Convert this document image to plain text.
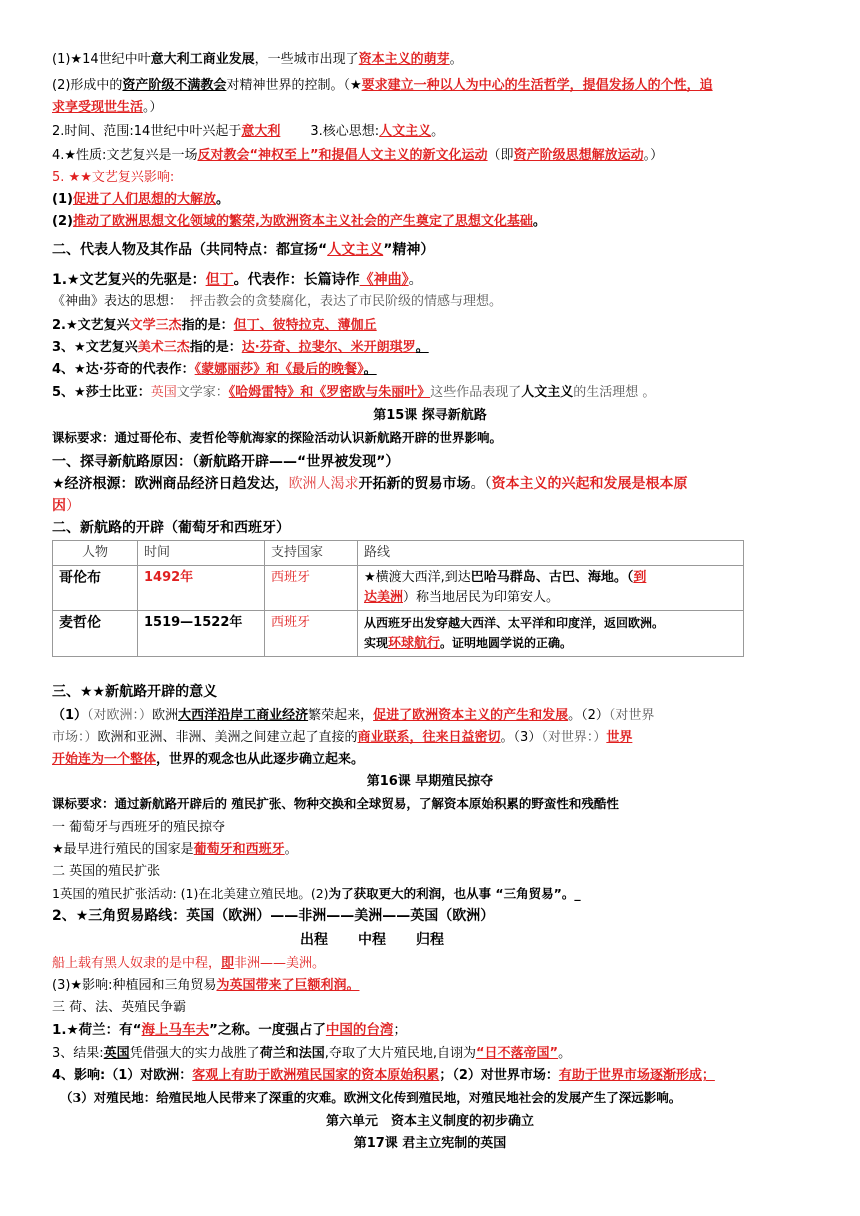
(1)★14世纪中叶意大利工商业发展，一些城市出现了资本主义的萌芽。
(2)形成中的资产阶级不满教会对精神世界的控制。（★要求建立一种以人为中心的生活哲学，提倡发扬人的个性，追
求享受现世生活。）
2.时间、范围:14世纪中叶兴起于意大利 3.核心思想:人文主义。
4.★性质:文艺复兴是一场反对教会“神权至上”和提倡人文主义的新文化运动（即资产阶级思想解放运动。）
5. ★★文艺复兴影响:
(1)促进了人们思想的大解放。
(2)推动了欧洲思想文化领域的繁荣,为欧洲资本主义社会的产生奠定了思想文化基础。
二、代表人物及其作品（共同特点：都宣扬“人文主义”精神）
1.★文艺复兴的先驱是：但丁。代表作：长篇诗作《神曲》。
《神曲》表达的思想： 抨击教会的贪婪腐化，表达了市民阶级的情感与理想。
2.★文艺复兴文学三杰指的是：但丁、彼特拉克、薄伽丘
3、★文艺复兴美术三杰指的是：达·芬奇、拉斐尔、米开朗琪罗。
4、★达·芬奇的代表作：《蒙娜丽莎》和《最后的晚餐》。
5、★莎士比亚：英国文学家：《哈姆雷特》和《罗密欧与朱丽叶》这些作品表现了人文主义的生活理想 。
第15课 探寻新航路
课标要求：通过哥伦布、麦哲伦等航海家的探险活动认识新航路开辟的世界影响。
一、探寻新航路原因：（新航路开辟——“世界被发现”）
★经济根源：欧洲商品经济日趋发达，欧洲人渴求开拓新的贸易市场。（资本主义的兴起和发展是根本原
因）
二、新航路的开辟（葡萄牙和西班牙）
人物	时间	支持国家	路线
哥伦布	1492年	西班牙	★横渡大西洋,到达巴哈马群岛、古巴、海地。（到
达美洲）称当地居民为印第安人。
麦哲伦	1519—1522年	西班牙	从西班牙出发穿越大西洋、太平洋和印度洋，返回欧洲。
实现环球航行。证明地圆学说的正确。
三、★★新航路开辟的意义
（1）（对欧洲：）欧洲大西洋沿岸工商业经济繁荣起来，促进了欧洲资本主义的产生和发展。（2）（对世界
市场：）欧洲和亚洲、非洲、美洲之间建立起了直接的商业联系，往来日益密切。（3）（对世界：）世界
开始连为一个整体，世界的观念也从此逐步确立起来。
第16课 早期殖民掠夺
课标要求：通过新航路开辟后的 殖民扩张、物种交换和全球贸易，了解资本原始积累的野蛮性和残酷性
一 葡萄牙与西班牙的殖民掠夺
★最早进行殖民的国家是葡萄牙和西班牙。
二 英国的殖民扩张
1英国的殖民扩张活动: (1)在北美建立殖民地。(2)为了获取更大的利润，也从事 “三角贸易”。_
2、★三角贸易路线：英国（欧洲）——非洲——美洲——英国（欧洲）
出程 中程 归程
船上载有黑人奴隶的是中程，即非洲——美洲。
(3)★影响:种植园和三角贸易为英国带来了巨额利润。
三 荷、法、英殖民争霸
1.★荷兰：有“海上马车夫”之称。一度强占了中国的台湾；
3、结果:英国凭借强大的实力战胜了荷兰和法国,夺取了大片殖民地,自诩为“日不落帝国”。
4、影响:（1）对欧洲：客观上有助于欧洲殖民国家的资本原始积累；（2）对世界市场：有助于世界市场逐渐形成；
（3）对殖民地：给殖民地人民带来了深重的灾难。欧洲文化传到殖民地，对殖民地社会的发展产生了深远影响。
第六单元　资本主义制度的初步确立
第17课 君主立宪制的英国
